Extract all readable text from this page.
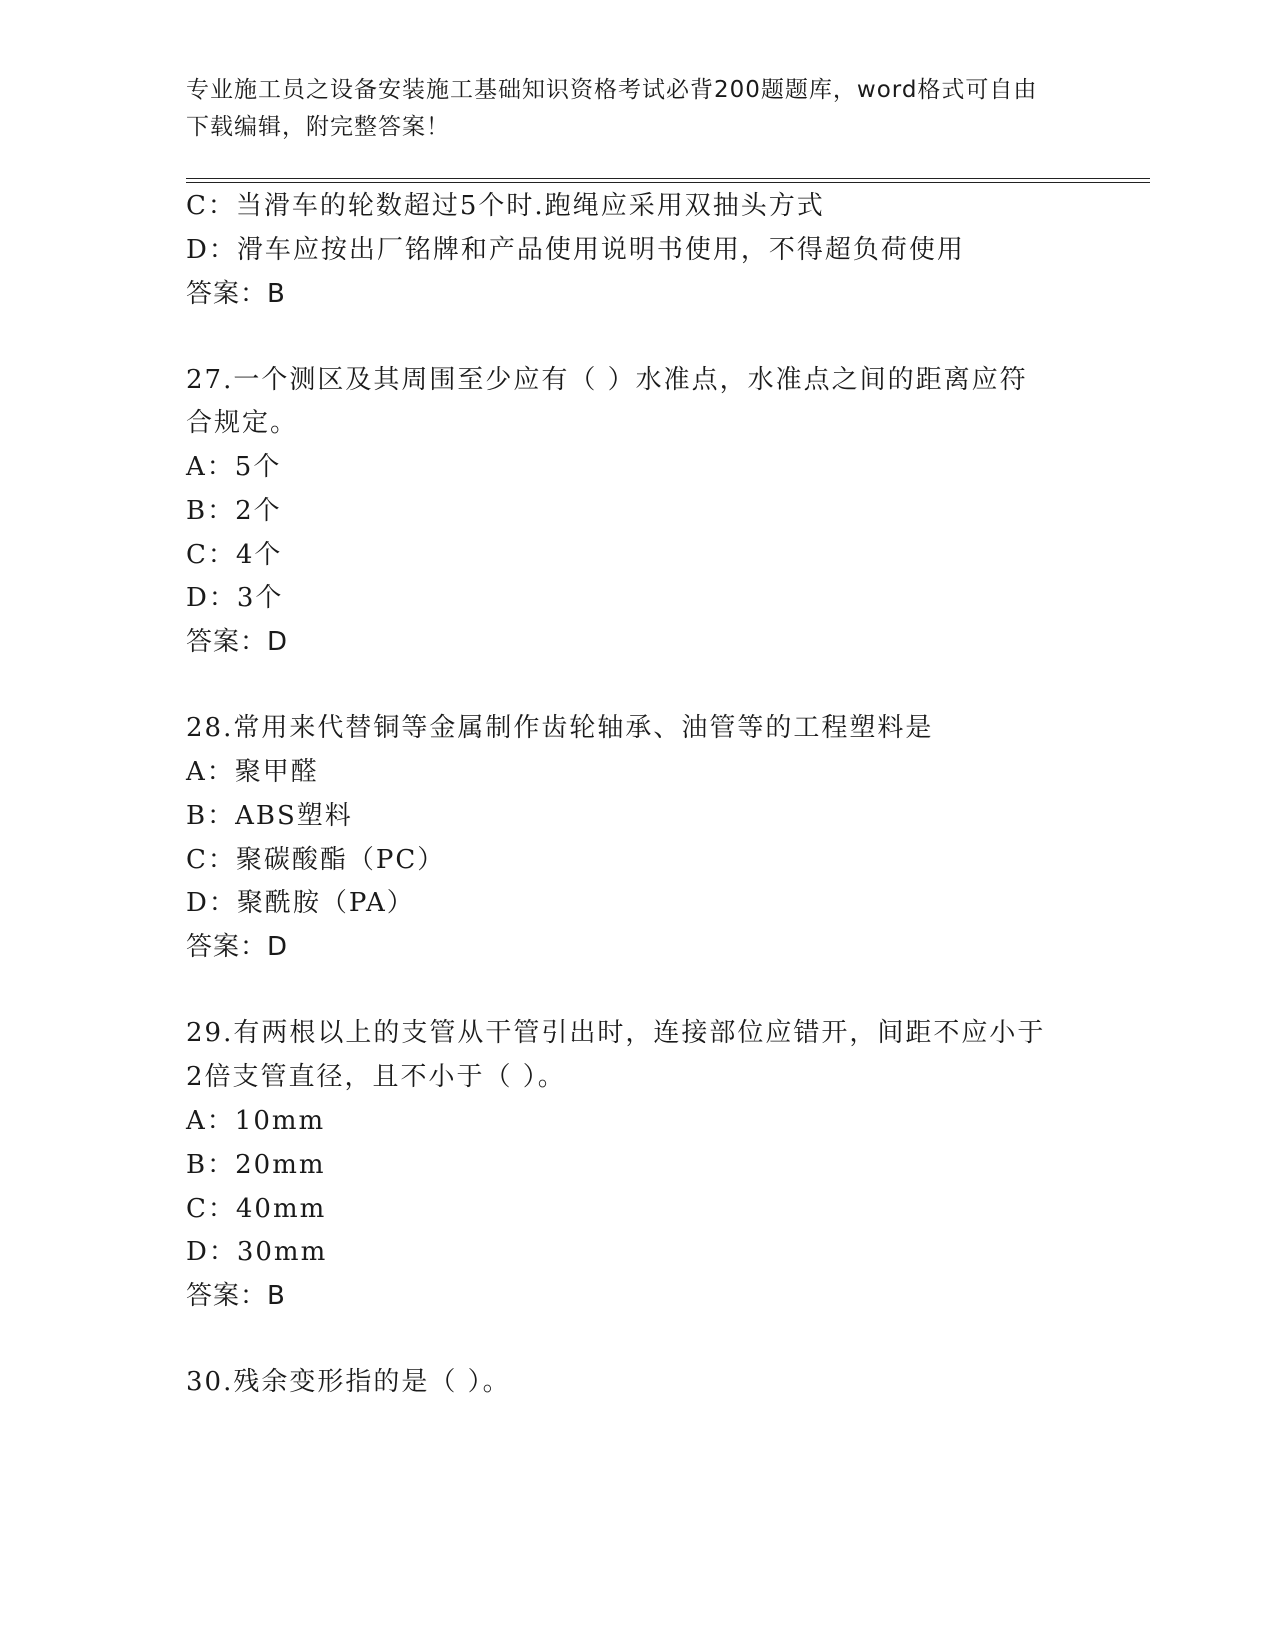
专业施工员之设备安装施工基础知识资格考试必背200题题库，word格式可自由
下载编辑，附完整答案！
C：当滑车的轮数超过5个时.跑绳应采用双抽头方式
D：滑车应按出厂铭牌和产品使用说明书使用，不得超负荷使用
答案：B
27.一个测区及其周围至少应有（ ）水准点，水准点之间的距离应符
合规定。
A：5个
B：2个
C：4个
D：3个
答案：D
28.常用来代替铜等金属制作齿轮轴承、油管等的工程塑料是
A：聚甲醛
B：ABS塑料
C：聚碳酸酯（PC）
D：聚酰胺（PA）
答案：D
29.有两根以上的支管从干管引出时，连接部位应错开，间距不应小于
2倍支管直径，且不小于（ ）。
A：10mm
B：20mm
C：40mm
D：30mm
答案：B
30.残余变形指的是（ ）。
